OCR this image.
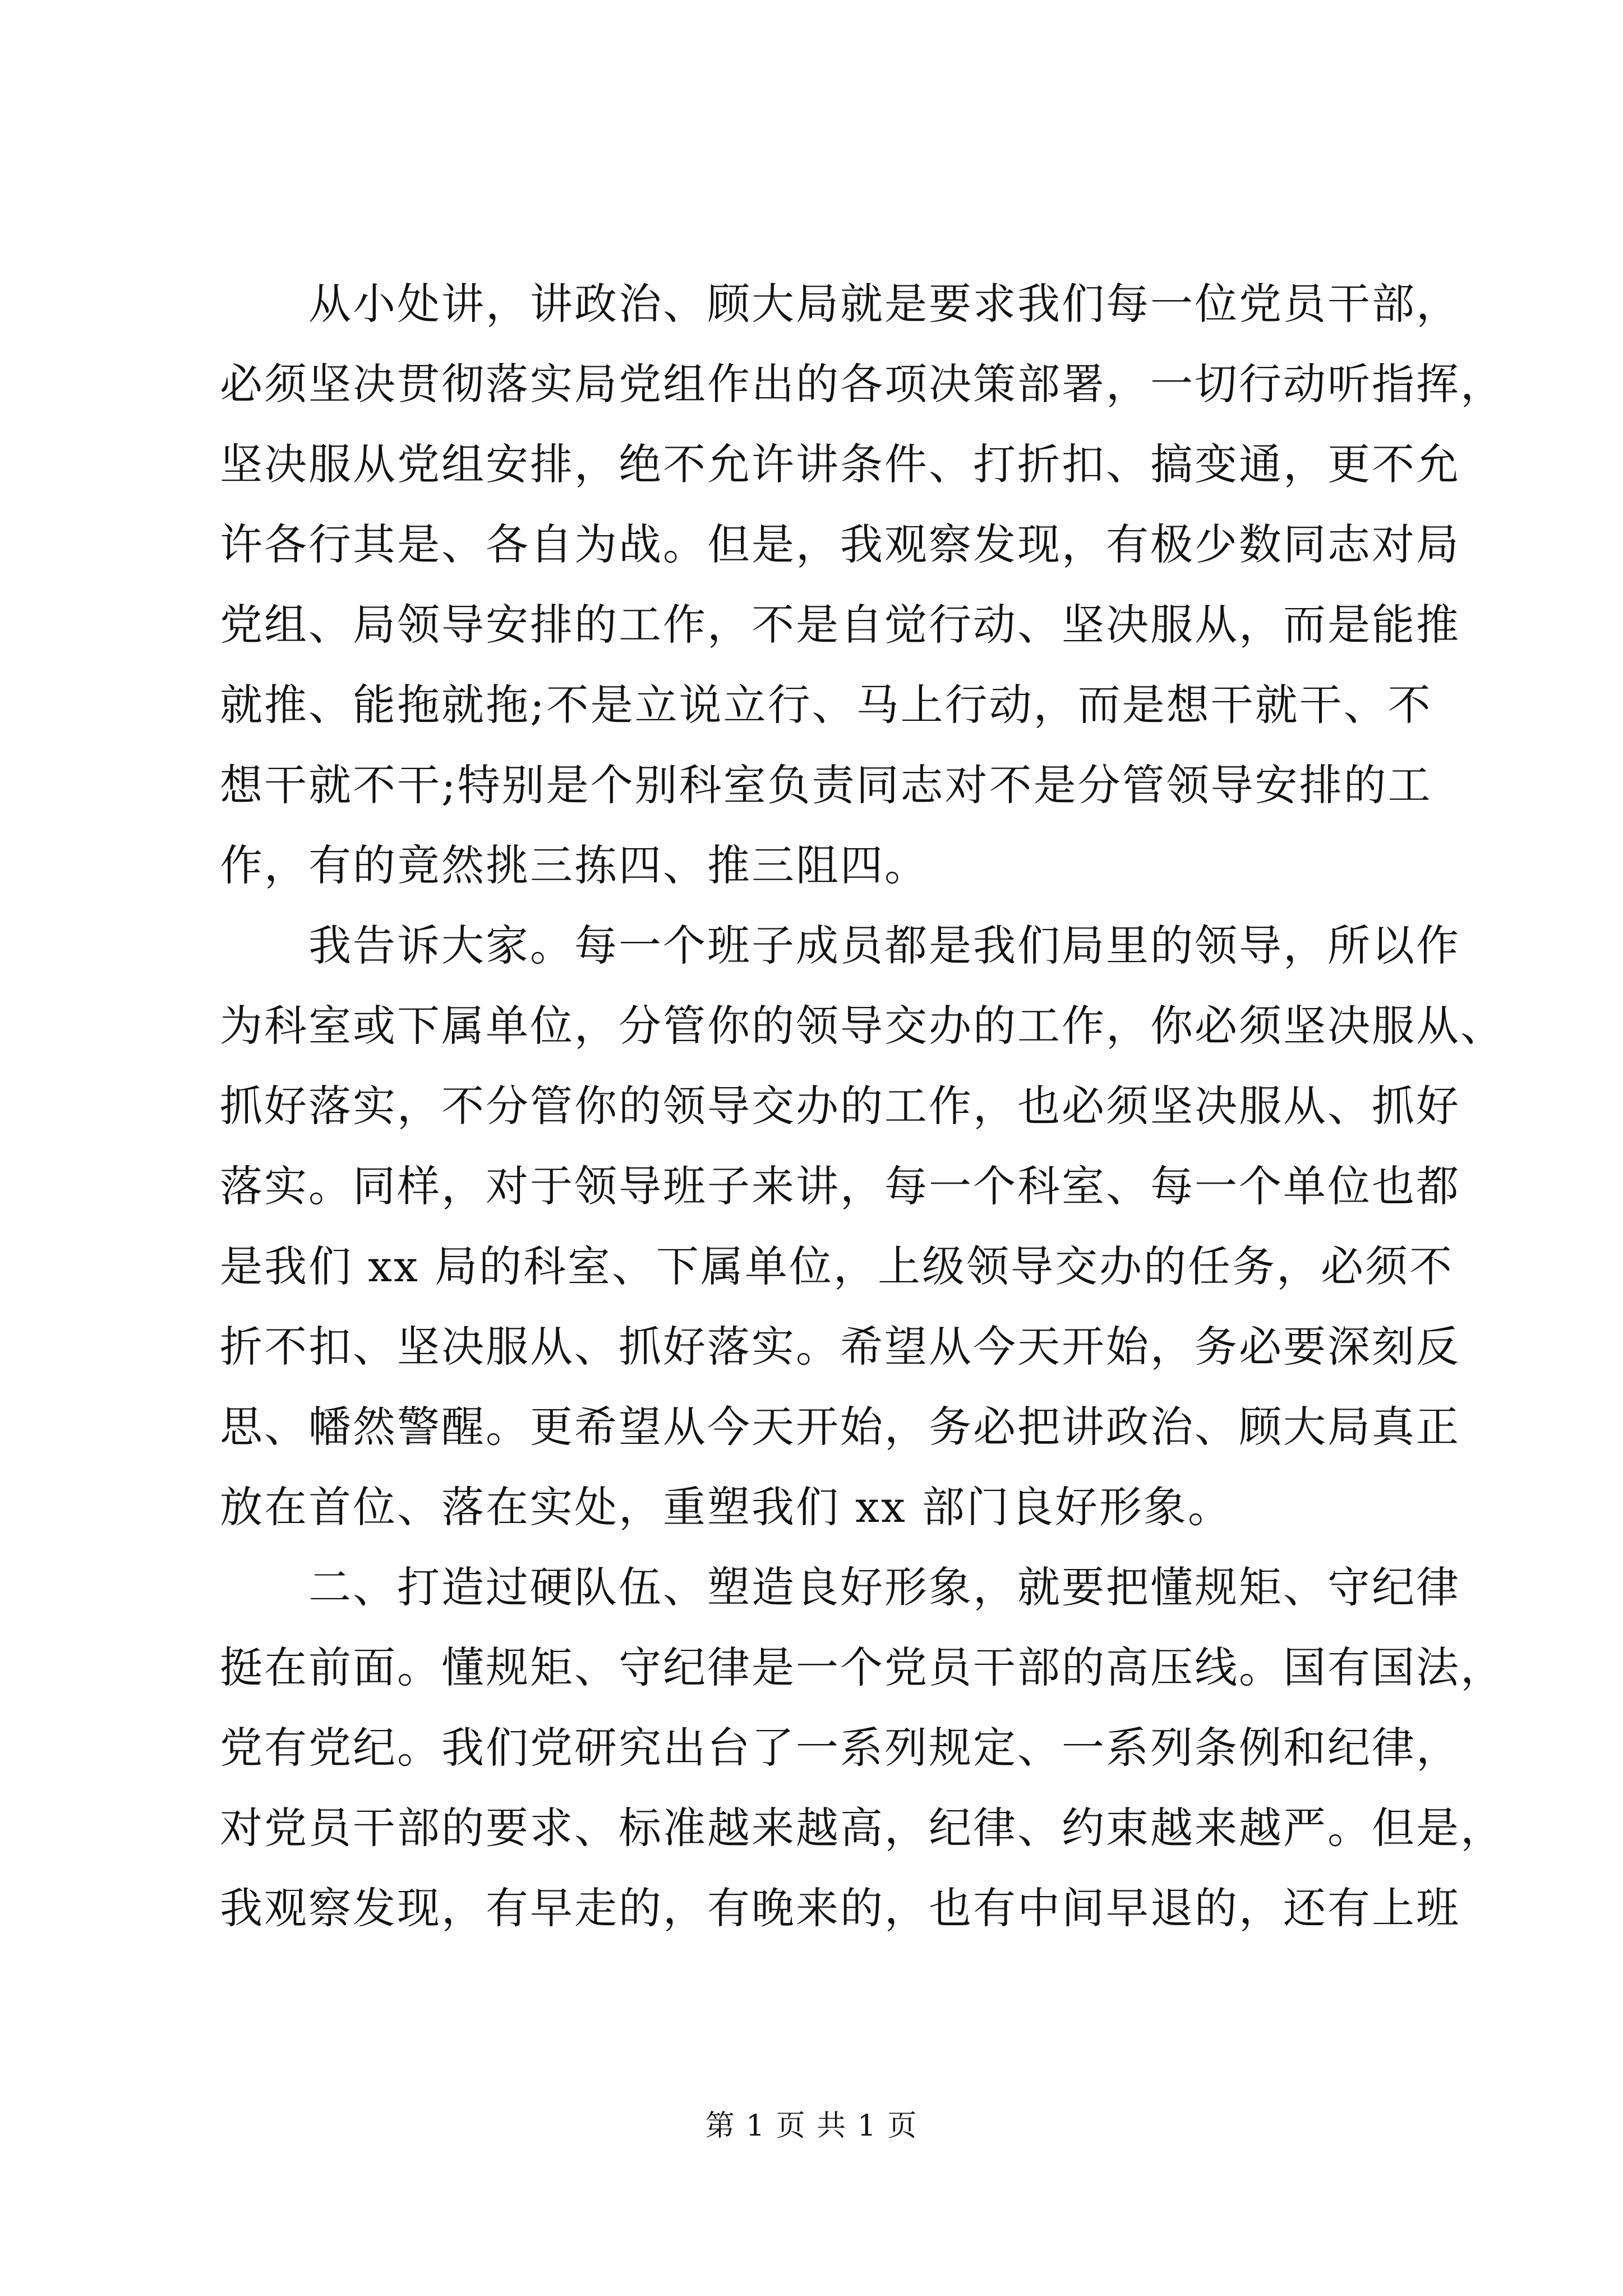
　　从小处讲，讲政治、顾大局就是要求我们每一位党员干部，
必须坚决贯彻落实局党组作出的各项决策部署，一切行动听指挥，
坚决服从党组安排，绝不允许讲条件、打折扣、搞变通，更不允
许各行其是、各自为战。但是，我观察发现，有极少数同志对局
党组、局领导安排的工作，不是自觉行动、坚决服从，而是能推
就推、能拖就拖;不是立说立行、马上行动，而是想干就干、不
想干就不干;特别是个别科室负责同志对不是分管领导安排的工
作，有的竟然挑三拣四、推三阻四。
　　我告诉大家。每一个班子成员都是我们局里的领导，所以作
为科室或下属单位，分管你的领导交办的工作，你必须坚决服从、
抓好落实，不分管你的领导交办的工作，也必须坚决服从、抓好
落实。同样，对于领导班子来讲，每一个科室、每一个单位也都
是我们 xx 局的科室、下属单位，上级领导交办的任务，必须不
折不扣、坚决服从、抓好落实。希望从今天开始，务必要深刻反
思、幡然警醒。更希望从今天开始，务必把讲政治、顾大局真正
放在首位、落在实处，重塑我们 xx 部门良好形象。
　　二、打造过硬队伍、塑造良好形象，就要把懂规矩、守纪律
挺在前面。懂规矩、守纪律是一个党员干部的高压线。国有国法，
党有党纪。我们党研究出台了一系列规定、一系列条例和纪律，
对党员干部的要求、标准越来越高，纪律、约束越来越严。但是，
我观察发现，有早走的，有晚来的，也有中间早退的，还有上班
第 1 页 共 1 页
